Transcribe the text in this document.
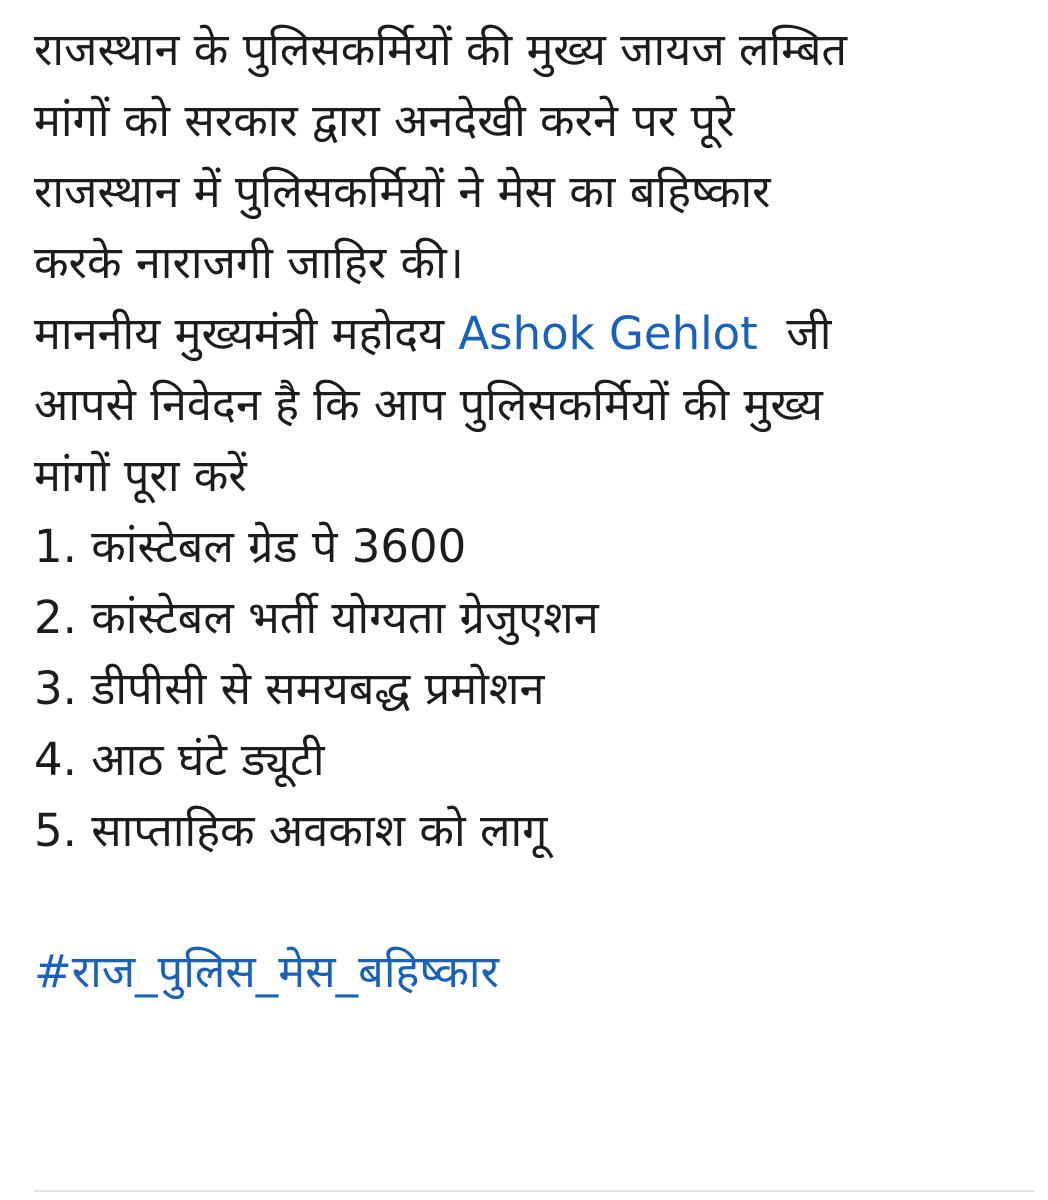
राजस्थान के पुलिसकर्मियों की मुख्य जायज लम्बित
मांगों को सरकार द्वारा अनदेखी करने पर पूरे
राजस्थान में पुलिसकर्मियों ने मेस का बहिष्कार
करके नाराजगी जाहिर की।
माननीय मुख्यमंत्री महोदय Ashok Gehlot  जी
आपसे निवेदन है कि आप पुलिसकर्मियों की मुख्य
मांगों पूरा करें
1. कांस्टेबल ग्रेड पे 3600
2. कांस्टेबल भर्ती योग्यता ग्रेजुएशन
3. डीपीसी से समयबद्ध प्रमोशन
4. आठ घंटे ड्यूटी
5. साप्ताहिक अवकाश को लागू
#राज_पुलिस_मेस_बहिष्कार
